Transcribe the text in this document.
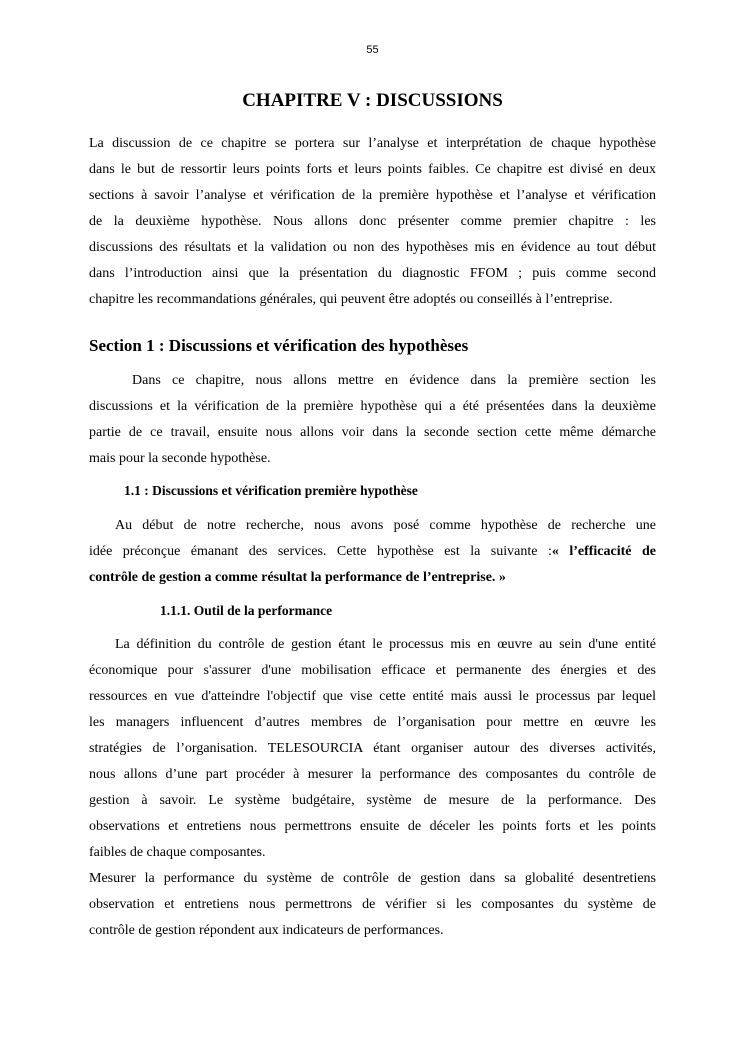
55
CHAPITRE V : DISCUSSIONS
La discussion de ce chapitre se portera sur l’analyse et interprétation de chaque hypothèse
dans le but de ressortir leurs points forts et leurs points faibles. Ce chapitre est divisé en deux
sections à savoir l’analyse et vérification de la première hypothèse et l’analyse et vérification
de la deuxième hypothèse. Nous allons donc présenter comme premier chapitre : les
discussions des résultats et la validation ou non des hypothèses mis en évidence au tout début
dans l’introduction ainsi que la présentation du diagnostic FFOM ; puis comme second
chapitre les recommandations générales, qui peuvent être adoptés ou conseillés à l’entreprise.
Section 1 : Discussions et vérification des hypothèses
Dans ce chapitre, nous allons mettre en évidence dans la première section les
discussions et la vérification de la première hypothèse qui a été présentées dans la deuxième
partie de ce travail, ensuite nous allons voir dans la seconde section cette même démarche
mais pour la seconde hypothèse.
1.1 : Discussions et vérification première hypothèse
Au début de notre recherche, nous avons posé comme hypothèse de recherche une
idée préconçue émanant des services. Cette hypothèse est la suivante :« l’efficacité de
contrôle de gestion a comme résultat la performance de l’entreprise. »
1.1.1. Outil de la performance
La définition du contrôle de gestion étant le processus mis en œuvre au sein d'une entité
économique pour s'assurer d'une mobilisation efficace et permanente des énergies et des
ressources en vue d'atteindre l'objectif que vise cette entité mais aussi le processus par lequel
les managers influencent d’autres membres de l’organisation pour mettre en œuvre les
stratégies de l’organisation. TELESOURCIA étant organiser autour des diverses activités,
nous allons d’une part procéder à mesurer la performance des composantes du contrôle de
gestion à savoir. Le système budgétaire, système de mesure de la performance. Des
observations et entretiens nous permettrons ensuite de déceler les points forts et les points
faibles de chaque composantes.
Mesurer la performance du système de contrôle de gestion dans sa globalité desentretiens
observation et entretiens nous permettrons de vérifier si les composantes du système de
contrôle de gestion répondent aux indicateurs de performances.
